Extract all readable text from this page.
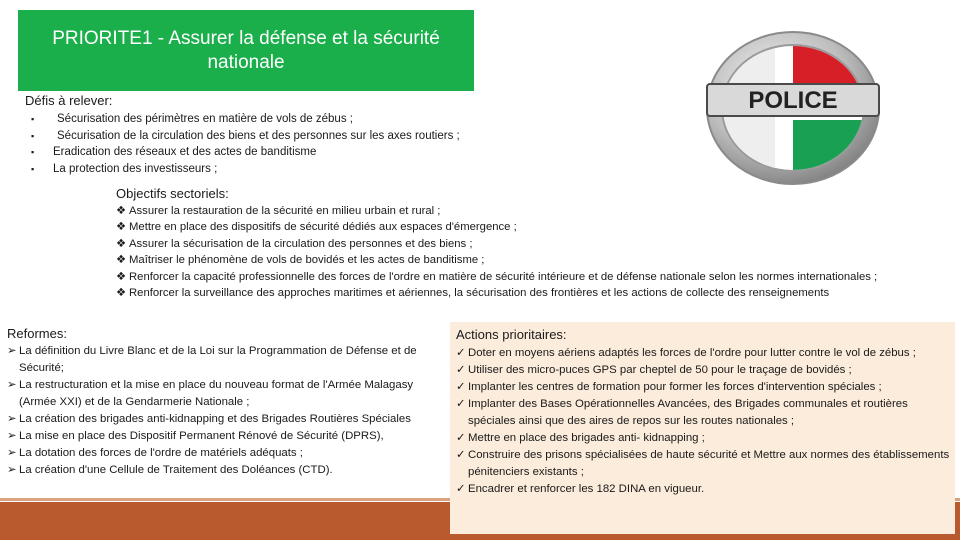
PRIORITE1 - Assurer la défense et la sécurité
nationale
POLICE
Défis à relever:
▪ Sécurisation des périmètres en matière de vols de zébus ;
▪ Sécurisation de la circulation des biens et des personnes sur les axes routiers ;
▪ Eradication des réseaux et des actes de banditisme
▪ La protection des investisseurs ;
Objectifs sectoriels:
❖ Assurer la restauration de la sécurité en milieu urbain et rural ;
❖ Mettre en place des dispositifs de sécurité dédiés aux espaces d'émergence ;
❖ Assurer la sécurisation de la circulation des personnes et des biens ;
❖ Maîtriser le phénomène de vols de bovidés et les actes de banditisme ;
❖ Renforcer la capacité professionnelle des forces de l'ordre en matière de sécurité intérieure et de défense nationale selon les normes internationales ;
❖ Renforcer la surveillance des approches maritimes et aériennes, la sécurisation des frontières et les actions de collecte des renseignements
Reformes:
➢ La définition du Livre Blanc et de la Loi sur la Programmation de Défense et de Sécurité;
➢ La restructuration et la mise en place du nouveau format de l'Armée Malagasy (Armée XXI) et de la Gendarmerie Nationale ;
➢ La création des brigades anti-kidnapping et des Brigades Routières Spéciales
➢ La mise en place des Dispositif Permanent Rénové de Sécurité (DPRS),
➢ La dotation des forces de l'ordre de matériels adéquats ;
➢ La création d'une Cellule de Traitement des Doléances (CTD).
Actions prioritaires:
✓ Doter en moyens aériens adaptés les forces de l'ordre pour lutter contre le vol de zébus ;
✓ Utiliser des micro-puces GPS par cheptel de 50 pour le traçage de bovidés ;
✓ Implanter les centres de formation pour former les forces d'intervention spéciales ;
✓ Implanter des Bases Opérationnelles Avancées, des Brigades communales et routières spéciales ainsi que des aires de repos sur les routes nationales ;
✓ Mettre en place des brigades anti- kidnapping ;
✓ Construire des prisons spécialisées de haute sécurité et Mettre aux normes des établissements pénitenciers existants ;
✓ Encadrer et renforcer les 182 DINA en vigueur.
